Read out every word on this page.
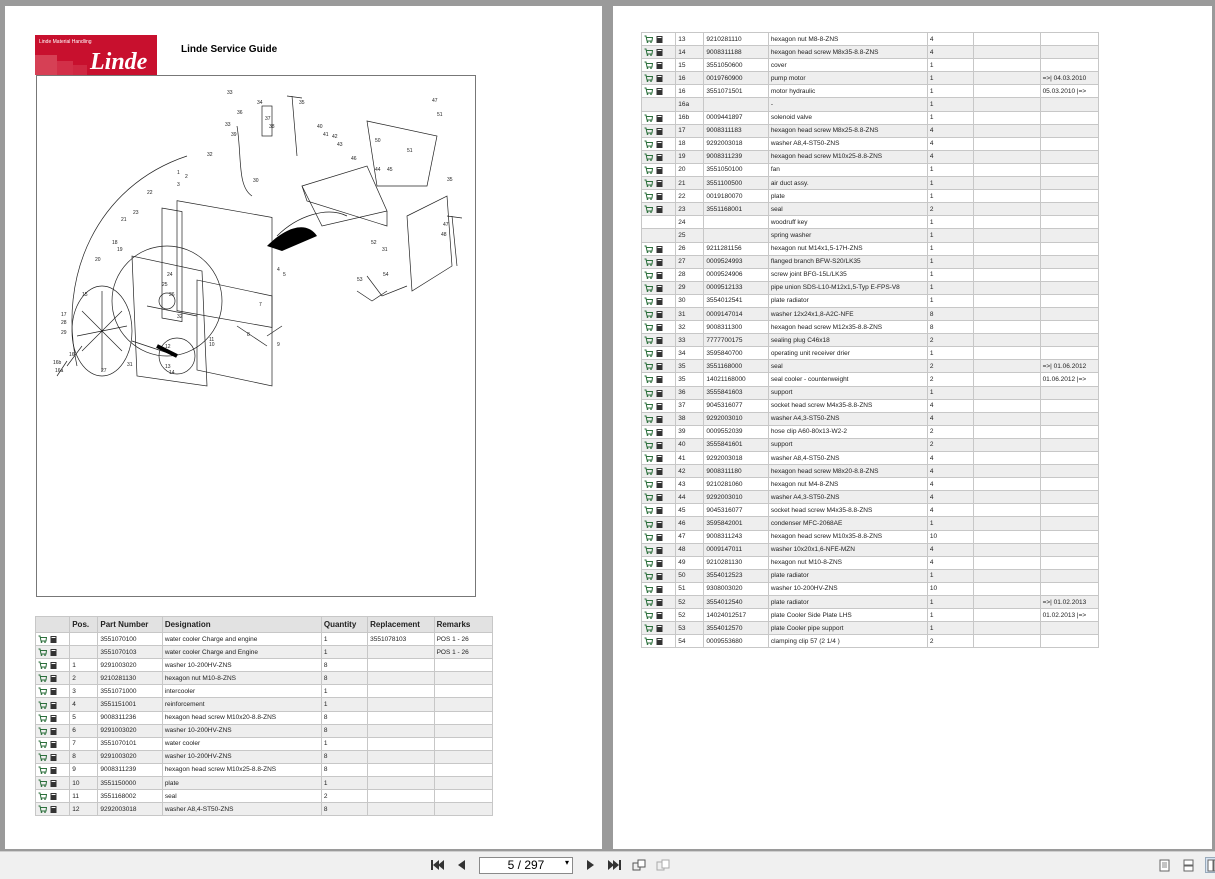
Linde Material Handling
Linde	Linde Service Guide
33
34	35
36
37
38
39
40
41 42
43
46
47
51
50
51
44 45
35
47
48
31
52
54
1
2
3
4
5
7
8
9
10
11
12
13
14
15
16
16a
16b
17
18
19
20
21
22
23
24
25
26
27
29
28
31
32
30
32
33
53
	Pos.	Part Number	Designation	Quantity	Replacement	Remarks
		3551070100	water cooler Charge and engine	1	3551078103	POS 1 - 26
		3551070103	water cooler Charge and Engine	1		POS 1 - 26
	1	9291003020	washer 10-200HV-ZNS	8		
	2	9210281130	hexagon nut M10-8-ZNS	8		
	3	3551071000	intercooler	1		
	4	3551151001	reinforcement	1		
	5	9008311236	hexagon head screw M10x20-8.8-ZNS	8		
	6	9291003020	washer 10-200HV-ZNS	8		
	7	3551070101	water cooler	1		
	8	9291003020	washer 10-200HV-ZNS	8		
	9	9008311239	hexagon head screw M10x25-8.8-ZNS	8		
	10	3551150000	plate	1		
	11	3551168002	seal	2		
	12	9292003018	washer A8,4-ST50-ZNS	8		
	13	9210281110	hexagon nut M8-8-ZNS	4		
	14	9008311188	hexagon head screw M8x35-8.8-ZNS	4		
	15	3551050600	cover	1		
	16	0019760900	pump motor	1		=>| 04.03.2010
	16	3551071501	motor hydraulic	1		05.03.2010 |=>
	16a		-	1		
	16b	0009441897	solenoid valve	1		
	17	9008311183	hexagon head screw M8x25-8.8-ZNS	4		
	18	9292003018	washer A8,4-ST50-ZNS	4		
	19	9008311239	hexagon head screw M10x25-8.8-ZNS	4		
	20	3551050100	fan	1		
	21	3551100500	air duct assy.	1		
	22	0019180070	plate	1		
	23	3551168001	seal	2		
	24		woodruff key	1		
	25		spring washer	1		
	26	9211281156	hexagon nut M14x1,5-17H-ZNS	1		
	27	0009524993	flanged branch BFW-S20/LK35	1		
	28	0009524906	screw joint BFG-15L/LK35	1		
	29	0009512133	pipe union SDS-L10-M12x1,5-Typ E-FPS-V8	1		
	30	3554012541	plate radiator	1		
	31	0009147014	washer 12x24x1,8-A2C-NFE	8		
	32	9008311300	hexagon head screw M12x35-8.8-ZNS	8		
	33	7777700175	sealing plug C46x18	2		
	34	3595840700	operating unit receiver drier	1		
	35	3551168000	seal	2		=>| 01.06.2012
	35	14021168000	seal cooler - counterweight	2		01.06.2012 |=>
	36	3555841603	support	1		
	37	9045316077	socket head screw M4x35-8.8-ZNS	4		
	38	9292003010	washer A4,3-ST50-ZNS	4		
	39	0009552039	hose clip A60-80x13-W2-2	2		
	40	3555841601	support	2		
	41	9292003018	washer A8,4-ST50-ZNS	4		
	42	9008311180	hexagon head screw M8x20-8.8-ZNS	4		
	43	9210281060	hexagon nut M4-8-ZNS	4		
	44	9292003010	washer A4,3-ST50-ZNS	4		
	45	9045316077	socket head screw M4x35-8.8-ZNS	4		
	46	3595842001	condenser MFC-2068AE	1		
	47	9008311243	hexagon head screw M10x35-8.8-ZNS	10		
	48	0009147011	washer 10x20x1,6-NFE-MZN	4		
	49	9210281130	hexagon nut M10-8-ZNS	4		
	50	3554012523	plate radiator	1		
	51	9308003020	washer 10-200HV-ZNS	10		
	52	3554012540	plate radiator	1		=>| 01.02.2013
	52	14024012517	plate Cooler Side Plate LHS	1		01.02.2013 |=>
	53	3554012570	plate Cooler pipe support	1		
	54	0009553680	clamping clip 57 (2 1/4 )	2		
5 / 297	▾
